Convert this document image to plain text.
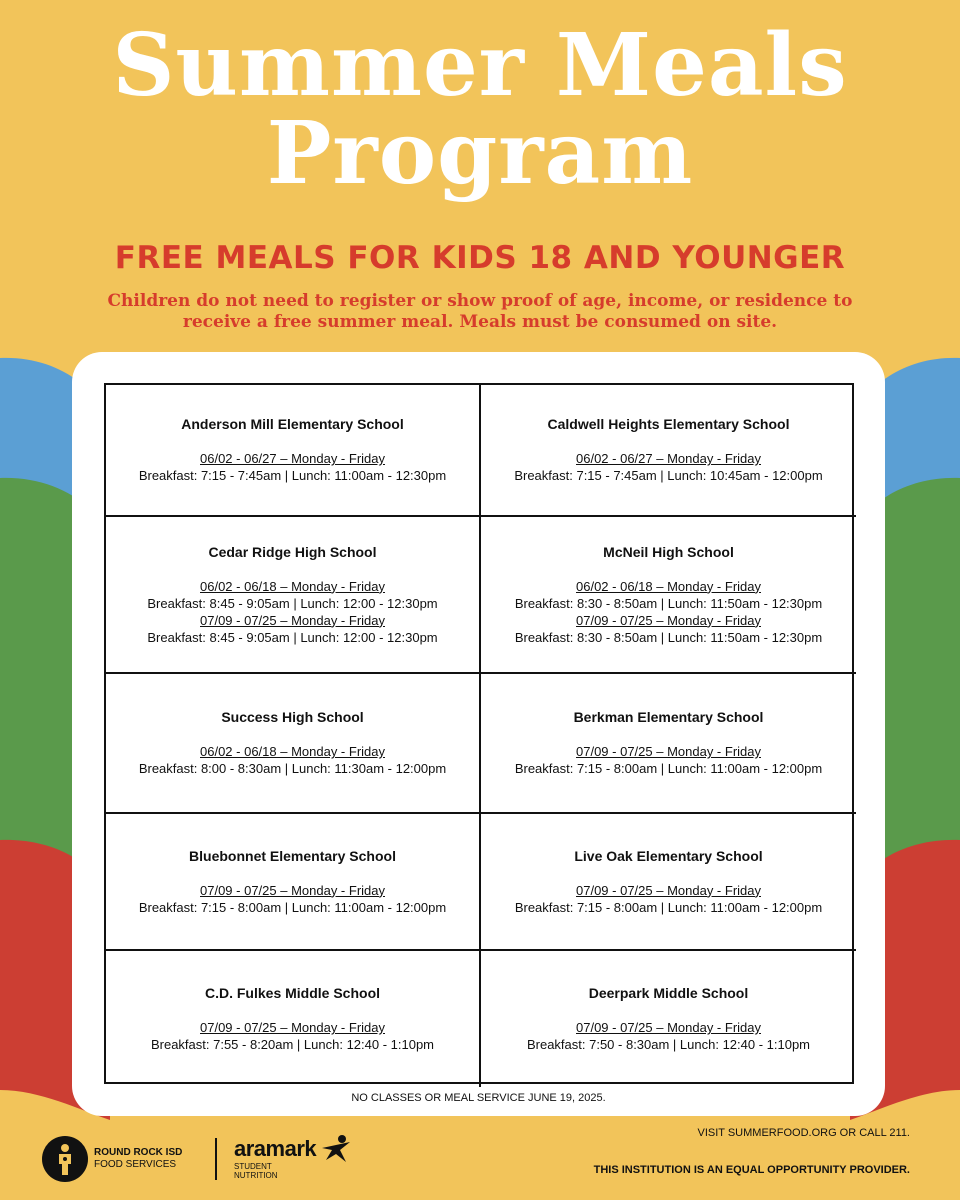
Summer Meals
Program
FREE MEALS FOR KIDS 18 AND YOUNGER
Children do not need to register or show proof of age, income, or residence to
receive a free summer meal. Meals must be consumed on site.
Anderson Mill Elementary School
06/02 - 06/27 – Monday - Friday
Breakfast: 7:15 - 7:45am | Lunch: 11:00am - 12:30pm
Caldwell Heights Elementary School
06/02 - 06/27 – Monday - Friday
Breakfast: 7:15 - 7:45am | Lunch: 10:45am - 12:00pm
Cedar Ridge High School
06/02 - 06/18 – Monday - Friday
Breakfast: 8:45 - 9:05am | Lunch: 12:00 - 12:30pm
07/09 - 07/25 – Monday - Friday
Breakfast: 8:45 - 9:05am | Lunch: 12:00 - 12:30pm
McNeil High School
06/02 - 06/18 – Monday - Friday
Breakfast: 8:30 - 8:50am | Lunch: 11:50am - 12:30pm
07/09 - 07/25 – Monday - Friday
Breakfast: 8:30 - 8:50am | Lunch: 11:50am - 12:30pm
Success High School
06/02 - 06/18 – Monday - Friday
Breakfast: 8:00 - 8:30am | Lunch: 11:30am - 12:00pm
Berkman Elementary School
07/09 - 07/25 – Monday - Friday
Breakfast: 7:15 - 8:00am | Lunch: 11:00am - 12:00pm
Bluebonnet Elementary School
07/09 - 07/25 – Monday - Friday
Breakfast: 7:15 - 8:00am | Lunch: 11:00am - 12:00pm
Live Oak Elementary School
07/09 - 07/25 – Monday - Friday
Breakfast: 7:15 - 8:00am | Lunch: 11:00am - 12:00pm
C.D. Fulkes Middle School
07/09 - 07/25 – Monday - Friday
Breakfast: 7:55 - 8:20am | Lunch: 12:40 - 1:10pm
Deerpark Middle School
07/09 - 07/25 – Monday - Friday
Breakfast: 7:50 - 8:30am | Lunch: 12:40 - 1:10pm
NO CLASSES OR MEAL SERVICE JUNE 19, 2025.
ROUND ROCK ISD
FOOD SERVICES
aramark
STUDENT
NUTRITION
VISIT SUMMERFOOD.ORG OR CALL 211.
THIS INSTITUTION IS AN EQUAL OPPORTUNITY PROVIDER.
